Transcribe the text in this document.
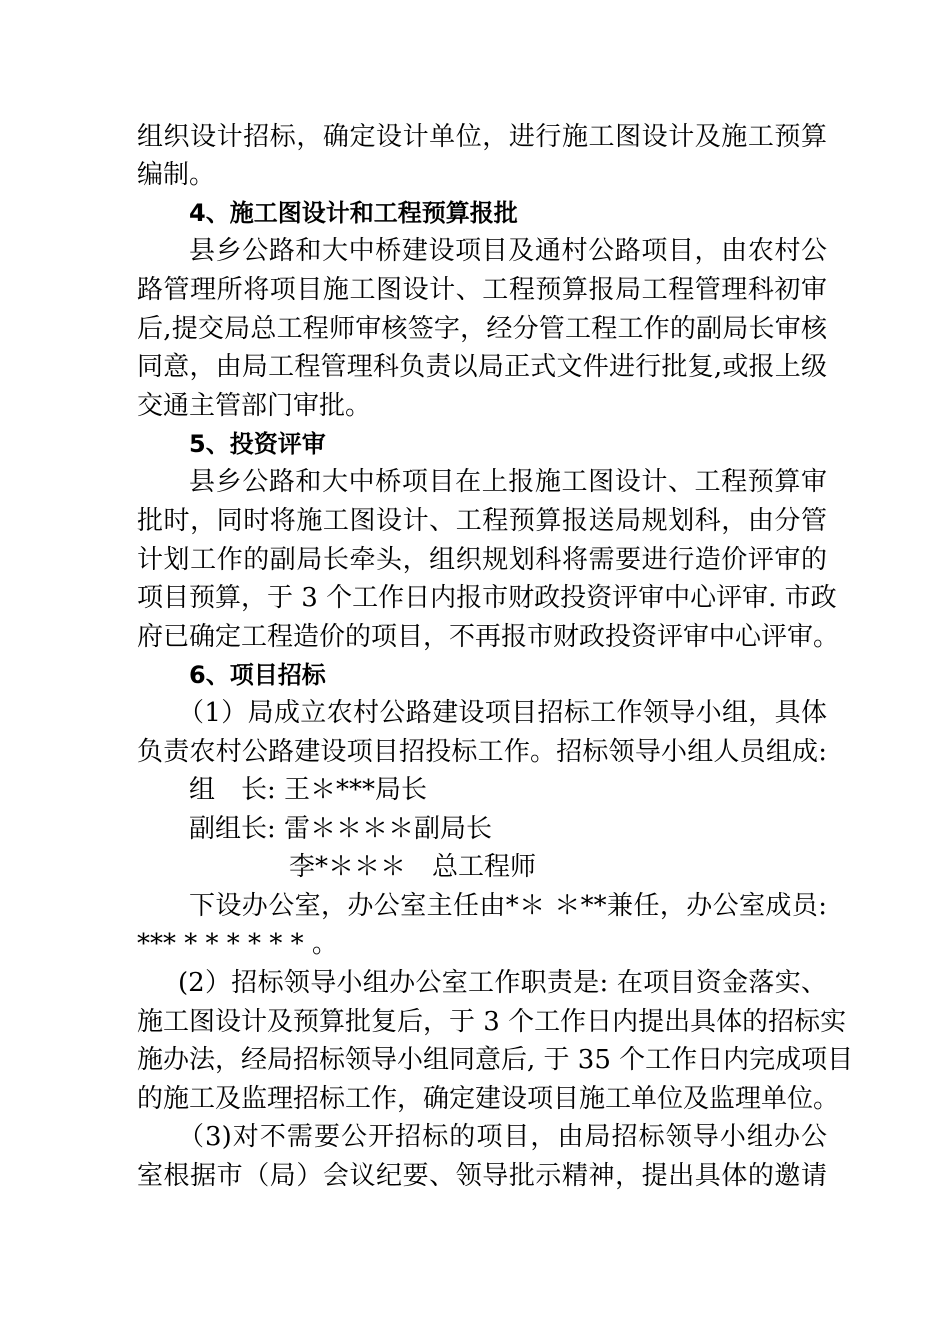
组织设计招标，确定设计单位，进行施工图设计及施工预算
编制。
4、施工图设计和工程预算报批
县乡公路和大中桥建设项目及通村公路项目，由农村公
路管理所将项目施工图设计、工程预算报局工程管理科初审
后,提交局总工程师审核签字，经分管工程工作的副局长审核
同意，由局工程管理科负责以局正式文件进行批复,或报上级
交通主管部门审批。
5、投资评审
县乡公路和大中桥项目在上报施工图设计、工程预算审
批时，同时将施工图设计、工程预算报送局规划科，由分管
计划工作的副局长牵头，组织规划科将需要进行造价评审的
项目预算，于 3 个工作日内报市财政投资评审中心评审. 市政
府已确定工程造价的项目，不再报市财政投资评审中心评审。
6、项目招标
（1）局成立农村公路建设项目招标工作领导小组，具体
负责农村公路建设项目招投标工作。招标领导小组人员组成:
组　长: 王＊***局长
副组长: 雷＊＊＊＊副局长
李*＊＊＊　总工程师
下设办公室，办公室主任由*＊ ＊**兼任，办公室成员:
*** * * * * * * 。
(2）招标领导小组办公室工作职责是: 在项目资金落实、
施工图设计及预算批复后，于 3 个工作日内提出具体的招标实
施办法，经局招标领导小组同意后, 于 35 个工作日内完成项目
的施工及监理招标工作，确定建设项目施工单位及监理单位。
（3)对不需要公开招标的项目，由局招标领导小组办公
室根据市（局）会议纪要、领导批示精神，提出具体的邀请
